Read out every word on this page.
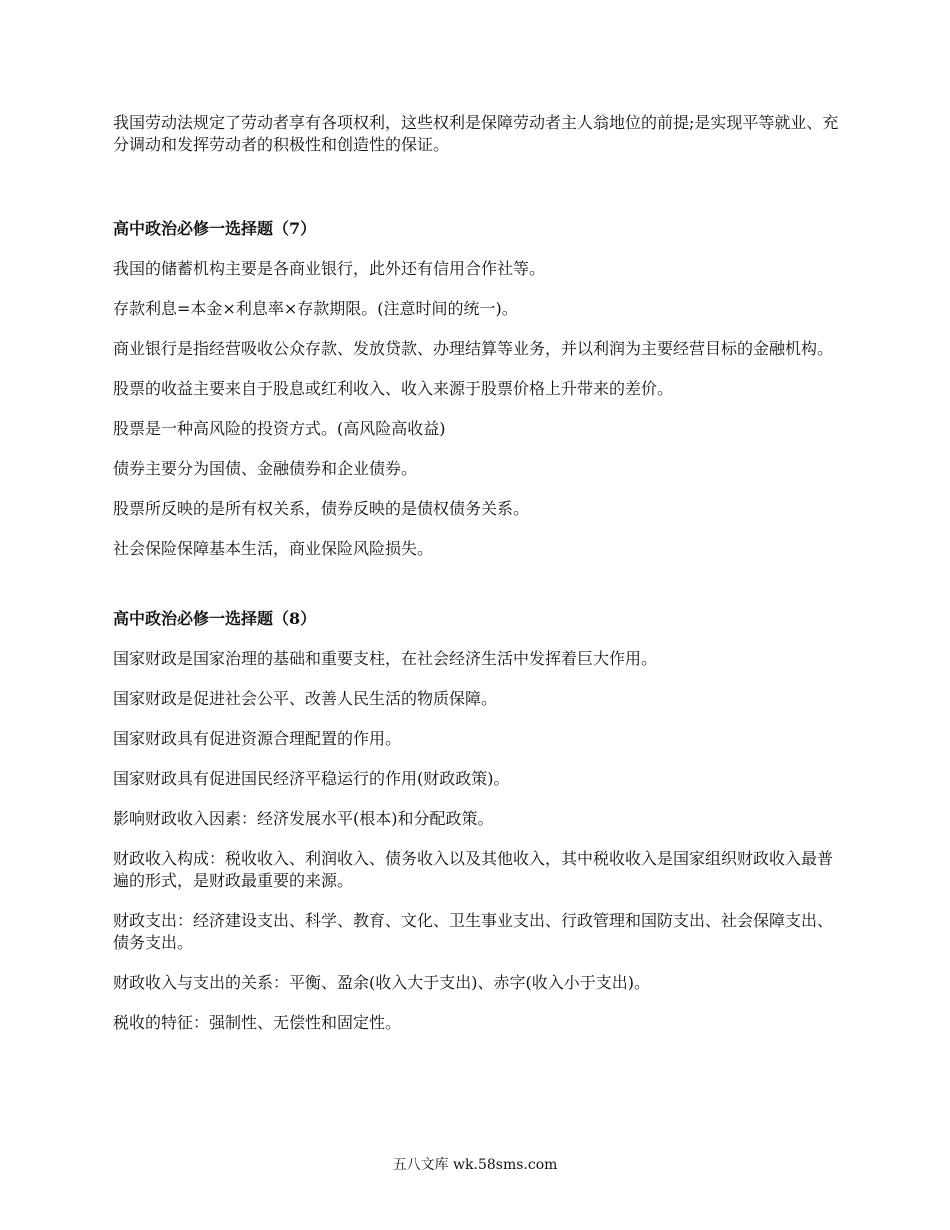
我国劳动法规定了劳动者享有各项权利，这些权利是保障劳动者主人翁地位的前提;是实现平等就业、充分调动和发挥劳动者的积极性和创造性的保证。

高中政治必修一选择题（7）

我国的储蓄机构主要是各商业银行，此外还有信用合作社等。

存款利息=本金×利息率×存款期限。(注意时间的统一)。

商业银行是指经营吸收公众存款、发放贷款、办理结算等业务，并以利润为主要经营目标的金融机构。

股票的收益主要来自于股息或红利收入、收入来源于股票价格上升带来的差价。

股票是一种高风险的投资方式。(高风险高收益)

债券主要分为国债、金融债券和企业债券。

股票所反映的是所有权关系，债券反映的是债权债务关系。

社会保险保障基本生活，商业保险风险损失。

高中政治必修一选择题（8）

国家财政是国家治理的基础和重要支柱，在社会经济生活中发挥着巨大作用。

国家财政是促进社会公平、改善人民生活的物质保障。

国家财政具有促进资源合理配置的作用。

国家财政具有促进国民经济平稳运行的作用(财政政策)。

影响财政收入因素：经济发展水平(根本)和分配政策。

财政收入构成：税收收入、利润收入、债务收入以及其他收入，其中税收收入是国家组织财政收入最普遍的形式，是财政最重要的来源。

财政支出：经济建设支出、科学、教育、文化、卫生事业支出、行政管理和国防支出、社会保障支出、债务支出。

财政收入与支出的关系：平衡、盈余(收入大于支出)、赤字(收入小于支出)。

税收的特征：强制性、无偿性和固定性。

五八文库 wk.58sms.com
